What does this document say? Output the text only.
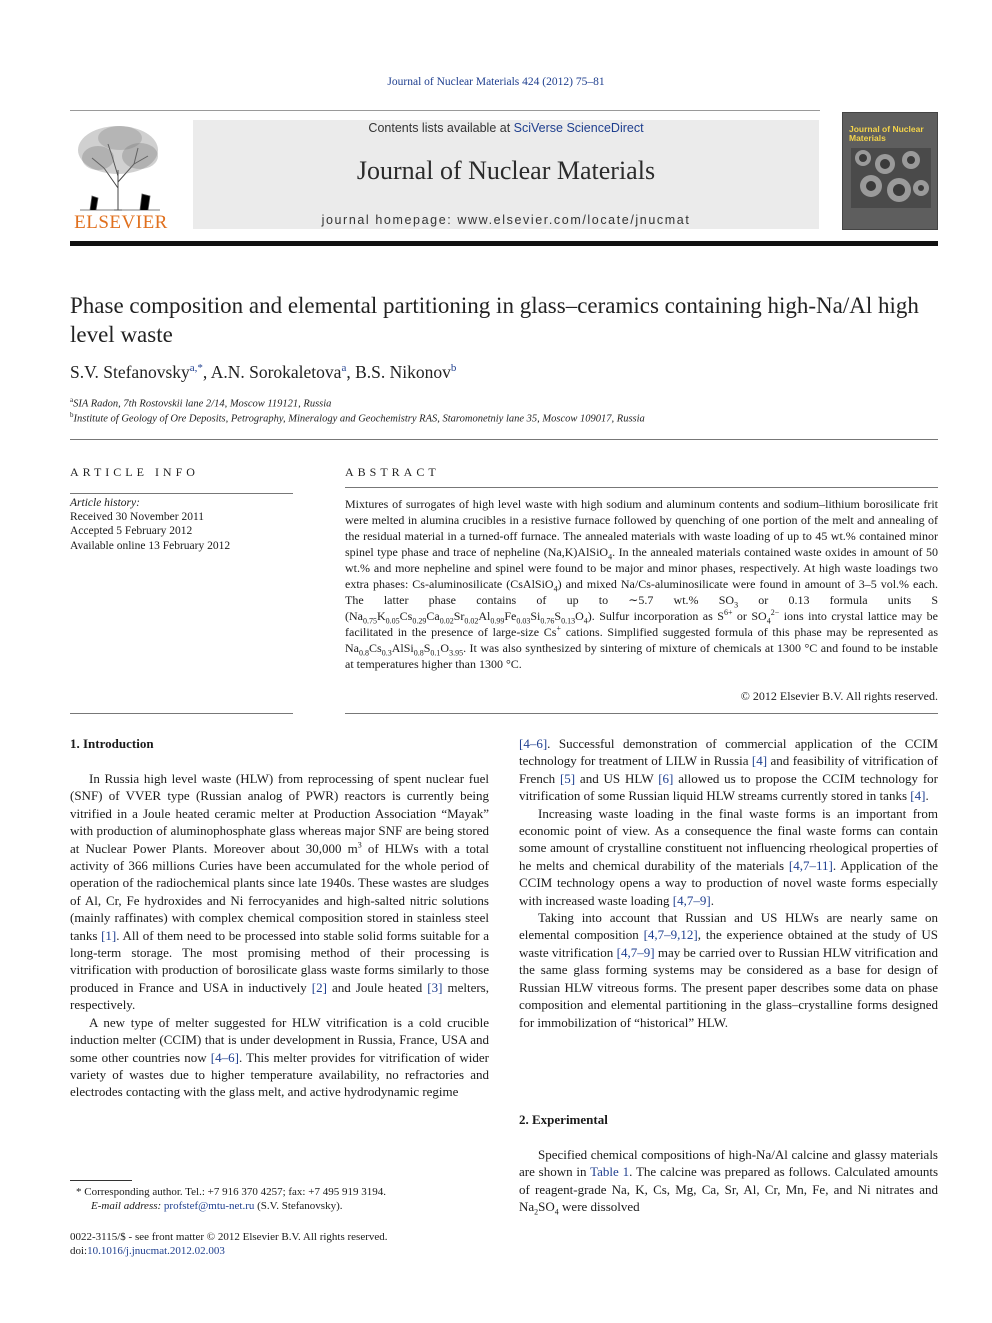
Journal of Nuclear Materials 424 (2012) 75–81
ELSEVIER
Contents lists available at SciVerse ScienceDirect
Journal of Nuclear Materials
journal homepage: www.elsevier.com/locate/jnucmat
Journal of Nuclear Materials
Phase composition and elemental partitioning in glass–ceramics containing high-Na/Al high level waste
S.V. Stefanovsky$^{a,*}$, A.N. Sorokaletova$^a$, B.S. Nikonov$^b$
$^a$SIA Radon, 7th Rostovskii lane 2/14, Moscow 119121, Russia
$^b$Institute of Geology of Ore Deposits, Petrography, Mineralogy and Geochemistry RAS, Staromonetniy lane 35, Moscow 109017, Russia
ARTICLE INFO
Article history:
Received 30 November 2011
Accepted 5 February 2012
Available online 13 February 2012
ABSTRACT
Mixtures of surrogates of high level waste with high sodium and aluminum contents and sodium–lithium borosilicate frit were melted in alumina crucibles in a resistive furnace followed by quenching of one portion of the melt and annealing of the residual material in a turned-off furnace. The annealed materials with waste loading of up to 45 wt.% contained minor spinel type phase and trace of nepheline (Na,K)AlSiO$_4$. In the annealed materials contained waste oxides in amount of 50 wt.% and more nepheline and spinel were found to be major and minor phases, respectively. At high waste loadings two extra phases: Cs-aluminosilicate (CsAlSiO$_4$) and mixed Na/Cs-aluminosilicate were found in amount of 3–5 vol.% each. The latter phase contains of up to ∼5.7 wt.% $SO_3$ or 0.13 formula units S $(Na_{0.75}K_{0.05}Cs_{0.29}Ca_{0.02}Sr_{0.02}Al_{0.99}Fe_{0.03}Si_{0.76}S_{0.13}O_4)$. Sulfur incorporation as $S^{6+}$ or $SO_4^{2-}$ ions into crystal lattice may be facilitated in the presence of large-size Cs+ cations. Simplified suggested formula of this phase may be represented as $Na_{0.8}Cs_{0.3}AlSi_{0.8}S_{0.1}O_{3.95}$. It was also synthesized by sintering of mixture of chemicals at 1300 °C and found to be instable at temperatures higher than 1300 °C.
© 2012 Elsevier B.V. All rights reserved.
1. Introduction

In Russia high level waste (HLW) from reprocessing of spent nuclear fuel (SNF) of VVER type (Russian analog of PWR) reactors is currently being vitrified in a Joule heated ceramic melter at Production Association “Mayak” with production of aluminophosphate glass whereas major SNF are being stored at Nuclear Power Plants. Moreover about 30,000 $m^3$ of HLWs with a total activity of 366 millions Curies have been accumulated for the whole period of operation of the radiochemical plants since late 1940s. These wastes are sludges of Al, Cr, Fe hydroxides and Ni ferrocyanides and high-salted nitric solutions (mainly raffinates) with complex chemical composition stored in stainless steel tanks [1]. All of them need to be processed into stable solid forms suitable for a long-term storage. The most promising method of their processing is vitrification with production of borosilicate glass waste forms similarly to those produced in France and USA in inductively [2] and Joule heated [3] melters, respectively.

A new type of melter suggested for HLW vitrification is a cold crucible induction melter (CCIM) that is under development in Russia, France, USA and some other countries now [4–6]. This melter provides for vitrification of wider variety of wastes due to higher temperature availability, no refractories and electrodes contacting with the glass melt, and active hydrodynamic regime

[4–6]. Successful demonstration of commercial application of the CCIM technology for treatment of LILW in Russia [4] and feasibility of vitrification of French [5] and US HLW [6] allowed us to propose the CCIM technology for vitrification of some Russian liquid HLW streams currently stored in tanks [4].

Increasing waste loading in the final waste forms is an important from economic point of view. As a consequence the final waste forms can contain some amount of crystalline constituent not influencing rheological properties of he melts and chemical durability of the materials [4,7–11]. Application of the CCIM technology opens a way to production of novel waste forms especially with increased waste loading [4,7–9].

Taking into account that Russian and US HLWs are nearly same on elemental composition [4,7–9,12], the experience obtained at the study of US waste vitrification [4,7–9] may be carried over to Russian HLW vitrification and the same glass forming systems may be considered as a base for design of Russian HLW vitreous forms. The present paper describes some data on phase composition and elemental partitioning in the glass–crystalline forms designed for immobilization of “historical” HLW.

2. Experimental

Specified chemical compositions of high-Na/Al calcine and glassy materials are shown in Table 1. The calcine was prepared as follows. Calculated amounts of reagent-grade Na, K, Cs, Mg, Ca, Sr, Al, Cr, Mn, Fe, and Ni nitrates and $Na_2SO_4$ were dissolved

* Corresponding author. Tel.: +7 916 370 4257; fax: +7 495 919 3194.
E-mail address: profstef@mtu-net.ru (S.V. Stefanovsky).
0022-3115/$ - see front matter © 2012 Elsevier B.V. All rights reserved.
doi:10.1016/j.jnucmat.2012.02.003
